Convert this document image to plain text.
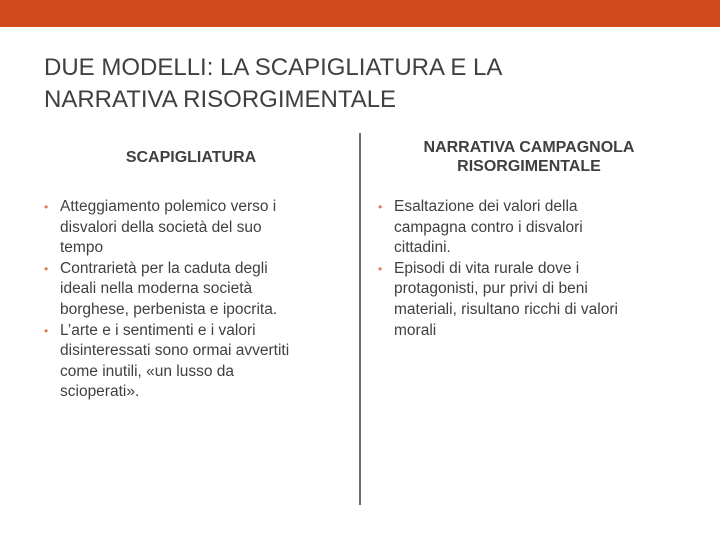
DUE MODELLI: LA SCAPIGLIATURA E LA
NARRATIVA RISORGIMENTALE
SCAPIGLIATURA
NARRATIVA CAMPAGNOLA
RISORGIMENTALE
• Atteggiamento polemico verso i
disvalori della società del suo
tempo
• Contrarietà per la caduta degli
ideali nella moderna società
borghese, perbenista e ipocrita.
• L’arte e i sentimenti e i valori
disinteressati sono ormai avvertiti
come inutili, «un lusso da
scioperati».
• Esaltazione dei valori della
campagna contro i disvalori
cittadini.
• Episodi di vita rurale dove i
protagonisti, pur privi di beni
materiali, risultano ricchi di valori
morali
